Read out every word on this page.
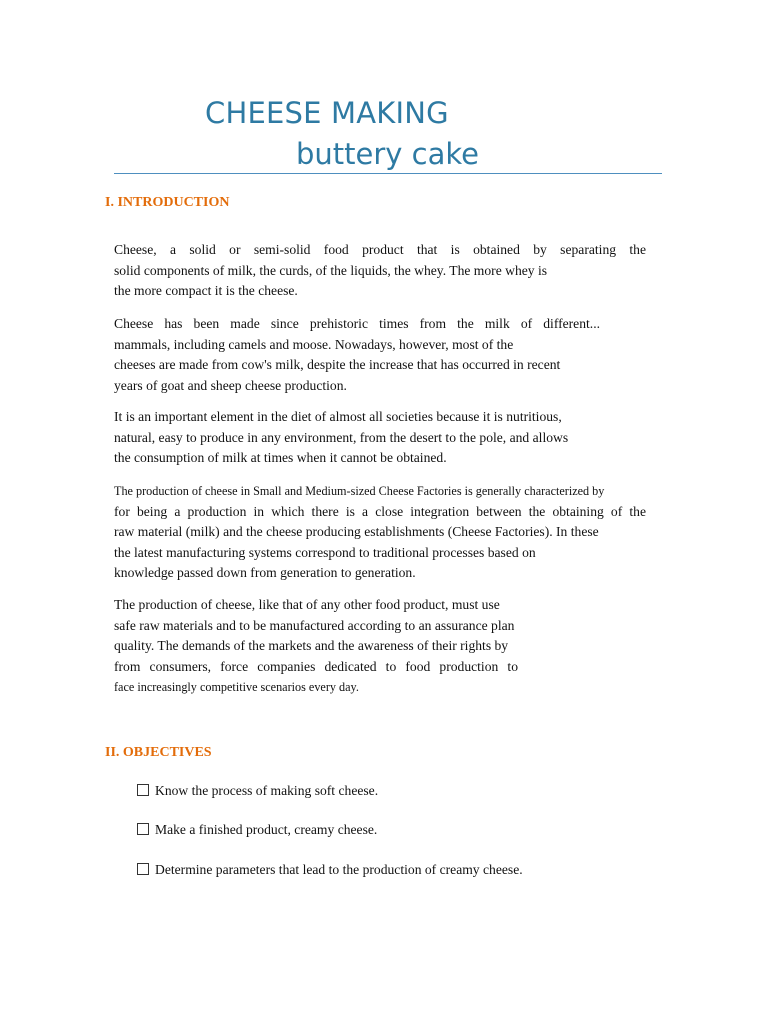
CHEESE MAKING
buttery cake
I. INTRODUCTION
Cheese, a solid or semi-solid food product that is obtained by separating the
solid components of milk, the curds, of the liquids, the whey. The more whey is
the more compact it is the cheese.
Cheese has been made since prehistoric times from the milk of different...
mammals, including camels and moose. Nowadays, however, most of the
cheeses are made from cow's milk, despite the increase that has occurred in recent
years of goat and sheep cheese production.
It is an important element in the diet of almost all societies because it is nutritious,
natural, easy to produce in any environment, from the desert to the pole, and allows
the consumption of milk at times when it cannot be obtained.
The production of cheese in Small and Medium-sized Cheese Factories is generally characterized by
for being a production in which there is a close integration between the obtaining of the
raw material (milk) and the cheese producing establishments (Cheese Factories). In these
the latest manufacturing systems correspond to traditional processes based on
knowledge passed down from generation to generation.
The production of cheese, like that of any other food product, must use
safe raw materials and to be manufactured according to an assurance plan
quality. The demands of the markets and the awareness of their rights by
from consumers, force companies dedicated to food production to
face increasingly competitive scenarios every day.
II. OBJECTIVES
Know the process of making soft cheese.
Make a finished product, creamy cheese.
Determine parameters that lead to the production of creamy cheese.
